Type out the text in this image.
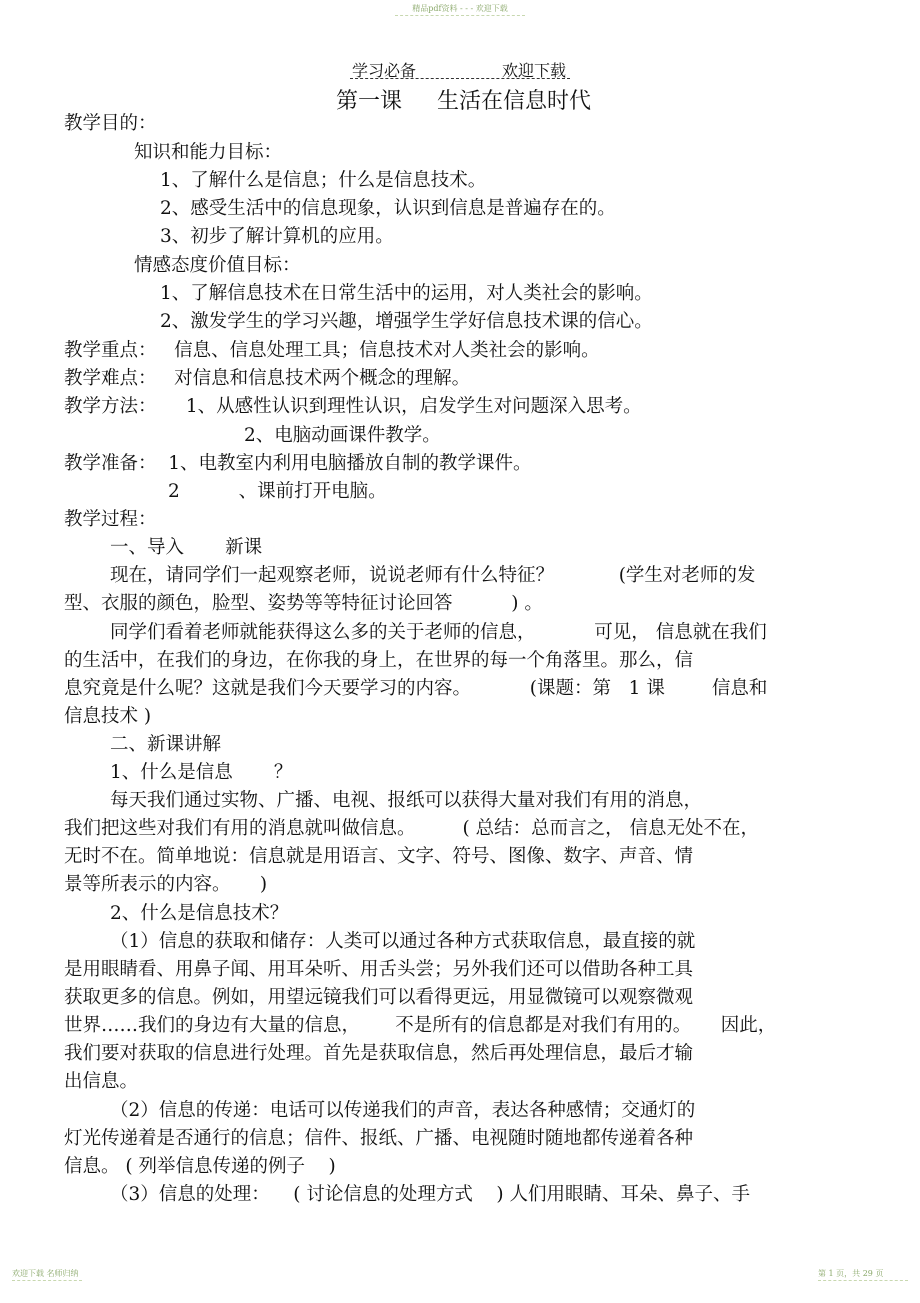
精品pdf资料 - - - 欢迎下载
学习必备	欢迎下载
第一课     生活在信息时代
教学目的：
知识和能力目标：
1、了解什么是信息；什么是信息技术。
2、感受生活中的信息现象，认识到信息是普遍存在的。
3、初步了解计算机的应用。
情感态度价值目标：
1、了解信息技术在日常生活中的运用，对人类社会的影响。
2、激发学生的学习兴趣，增强学生学好信息技术课的信心。
教学重点：   信息、信息处理工具；信息技术对人类社会的影响。
教学难点：   对信息和信息技术两个概念的理解。
教学方法：     1、从感性认识到理性认识，启发学生对问题深入思考。
2、电脑动画课件教学。
教学准备：  1、电教室内利用电脑播放自制的教学课件。
2          、课前打开电脑。
教学过程：
一、导入       新课
现在，请同学们一起观察老师，说说老师有什么特征？           (学生对老师的发
型、衣服的颜色，脸型、姿势等等特征讨论回答          ) 。
同学们看着老师就能获得这么多的关于老师的信息，          可见， 信息就在我们
的生活中，在我们的身边，在你我的身上，在世界的每一个角落里。那么，信
息究竟是什么呢？这就是我们今天要学习的内容。          (课题：第   1 课        信息和
信息技术 )
二、新课讲解
1、什么是信息       ？
每天我们通过实物、广播、电视、报纸可以获得大量对我们有用的消息，
我们把这些对我们有用的消息就叫做信息。        ( 总结：总而言之， 信息无处不在，
无时不在。简单地说：信息就是用语言、文字、符号、图像、数字、声音、情
景等所表示的内容。     )
2、什么是信息技术？
（1）信息的获取和储存：人类可以通过各种方式获取信息，最直接的就
是用眼睛看、用鼻子闻、用耳朵听、用舌头尝；另外我们还可以借助各种工具
获取更多的信息。例如，用望远镜我们可以看得更远，用显微镜可以观察微观
世界……我们的身边有大量的信息，      不是所有的信息都是对我们有用的。     因此，
我们要对获取的信息进行处理。首先是获取信息，然后再处理信息，最后才输
出信息。
（2）信息的传递：电话可以传递我们的声音，表达各种感情；交通灯的
灯光传递着是否通行的信息；信件、报纸、广播、电视随时随地都传递着各种
信息。 ( 列举信息传递的例子    )
（3）信息的处理：    ( 讨论信息的处理方式    ) 人们用眼睛、耳朵、鼻子、手
欢迎下载 名师归纳	第 1 页，共 29 页
